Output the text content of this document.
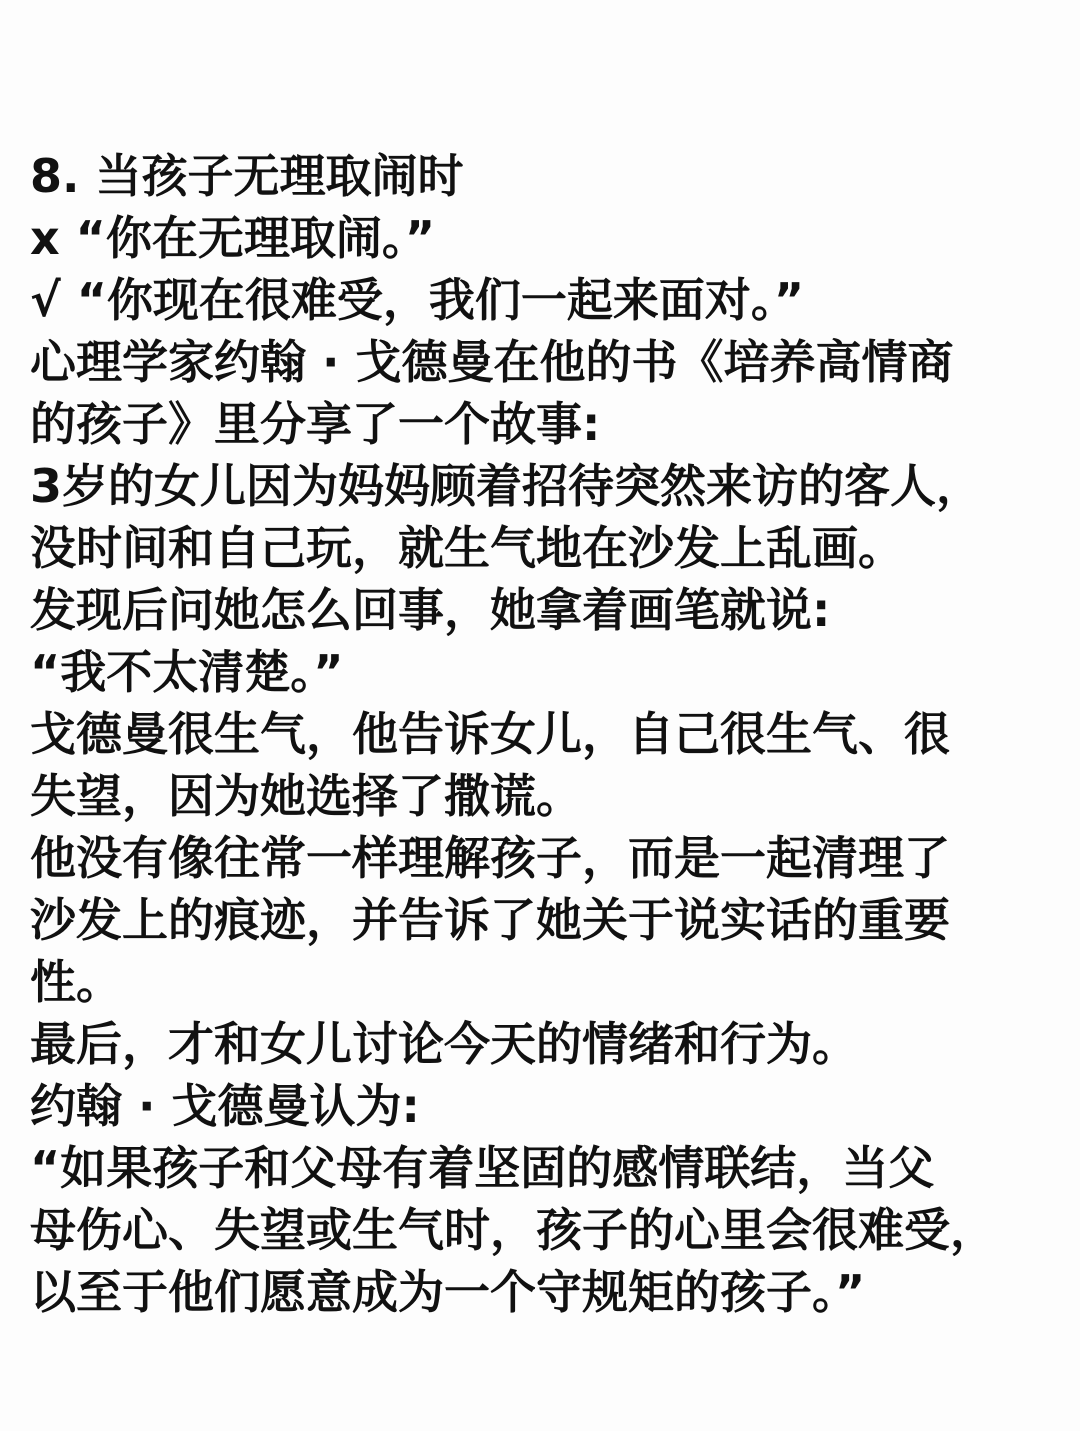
8. 当孩子无理取闹时
x “你在无理取闹。”
√ “你现在很难受，我们一起来面对。”
心理学家约翰 · 戈德曼在他的书《培养高情商
的孩子》里分享了一个故事:
3岁的女儿因为妈妈顾着招待突然来访的客人，
没时间和自己玩，就生气地在沙发上乱画。
发现后问她怎么回事，她拿着画笔就说:
“我不太清楚。”
戈德曼很生气，他告诉女儿，自己很生气、很
失望，因为她选择了撒谎。
他没有像往常一样理解孩子，而是一起清理了
沙发上的痕迹，并告诉了她关于说实话的重要
性。
最后，才和女儿讨论今天的情绪和行为。
约翰 · 戈德曼认为:
“如果孩子和父母有着坚固的感情联结，当父
母伤心、失望或生气时，孩子的心里会很难受，
以至于他们愿意成为一个守规矩的孩子。”
